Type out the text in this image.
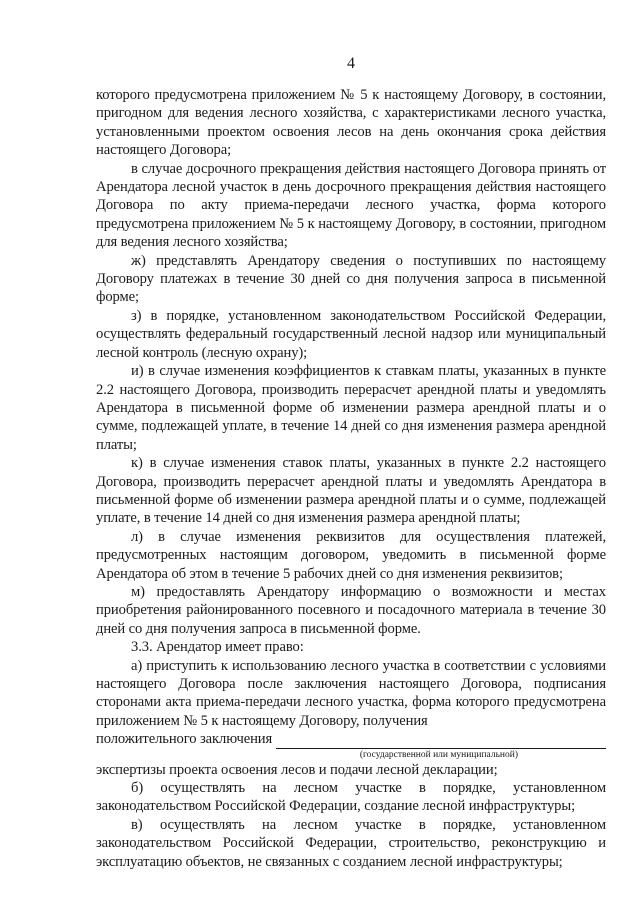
4

которого предусмотрена приложением № 5 к настоящему Договору, в состоянии, пригодном для ведения лесного хозяйства, с характеристиками лесного участка, установленными проектом освоения лесов на день окончания срока действия настоящего Договора;

в случае досрочного прекращения действия настоящего Договора принять от Арендатора лесной участок в день досрочного прекращения действия настоящего Договора по акту приема-передачи лесного участка, форма которого предусмотрена приложением № 5 к настоящему Договору, в состоянии, пригодном для ведения лесного хозяйства;

ж) представлять Арендатору сведения о поступивших по настоящему Договору платежах в течение 30 дней со дня получения запроса в письменной форме;

з) в порядке, установленном законодательством Российской Федерации, осуществлять федеральный государственный лесной надзор или муниципальный лесной контроль (лесную охрану);

и) в случае изменения коэффициентов к ставкам платы, указанных в пункте 2.2 настоящего Договора, производить перерасчет арендной платы и уведомлять Арендатора в письменной форме об изменении размера арендной платы и о сумме, подлежащей уплате, в течение 14 дней со дня изменения размера арендной платы;

к) в случае изменения ставок платы, указанных в пункте 2.2 настоящего Договора, производить перерасчет арендной платы и уведомлять Арендатора в письменной форме об изменении размера арендной платы и о сумме, подлежащей уплате, в течение 14 дней со дня изменения размера арендной платы;

л) в случае изменения реквизитов для осуществления платежей, предусмотренных настоящим договором, уведомить в письменной форме Арендатора об этом в течение 5 рабочих дней со дня изменения реквизитов;

м) предоставлять Арендатору информацию о возможности и местах приобретения районированного посевного и посадочного материала в течение 30 дней со дня получения запроса в письменной форме.

3.3. Арендатор имеет право:

а) приступить к использованию лесного участка в соответствии с условиями настоящего Договора после заключения настоящего Договора, подписания сторонами акта приема-передачи лесного участка, форма которого предусмотрена приложением № 5 к настоящему Договору, получения

положительного заключения

(государственной или муниципальной)

экспертизы проекта освоения лесов и подачи лесной декларации;

б) осуществлять на лесном участке в порядке, установленном законодательством Российской Федерации, создание лесной инфраструктуры;

в) осуществлять на лесном участке в порядке, установленном законодательством Российской Федерации, строительство, реконструкцию и эксплуатацию объектов, не связанных с созданием лесной инфраструктуры;
